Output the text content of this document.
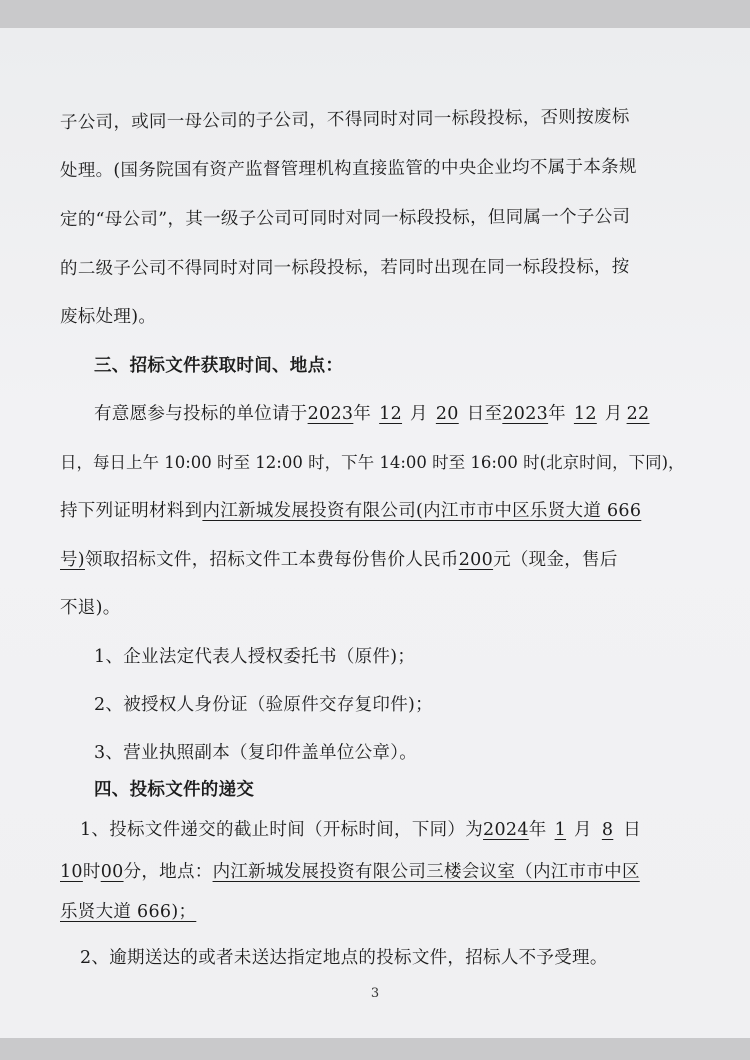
子公司，或同一母公司的子公司，不得同时对同一标段投标，否则按废标
处理。(国务院国有资产监督管理机构直接监管的中央企业均不属于本条规
定的“母公司”，其一级子公司可同时对同一标段投标，但同属一个子公司
的二级子公司不得同时对同一标段投标，若同时出现在同一标段投标，按
废标处理)。
三、招标文件获取时间、地点：
有意愿参与投标的单位请于2023年 12 月 20 日至2023年 12 月 22
日，每日上午 10:00 时至 12:00 时，下午 14:00 时至 16:00 时(北京时间，下同)，
持下列证明材料到内江新城发展投资有限公司(内江市市中区乐贤大道 666
号)领取招标文件，招标文件工本费每份售价人民币200元（现金，售后
不退)。
1、企业法定代表人授权委托书（原件)；
2、被授权人身份证（验原件交存复印件)；
3、营业执照副本（复印件盖单位公章）。
四、投标文件的递交
1、投标文件递交的截止时间（开标时间，下同）为2024年 1 月 8 日
10时00分，地点：内江新城发展投资有限公司三楼会议室（内江市市中区
乐贤大道 666)；
2、逾期送达的或者未送达指定地点的投标文件，招标人不予受理。
3
